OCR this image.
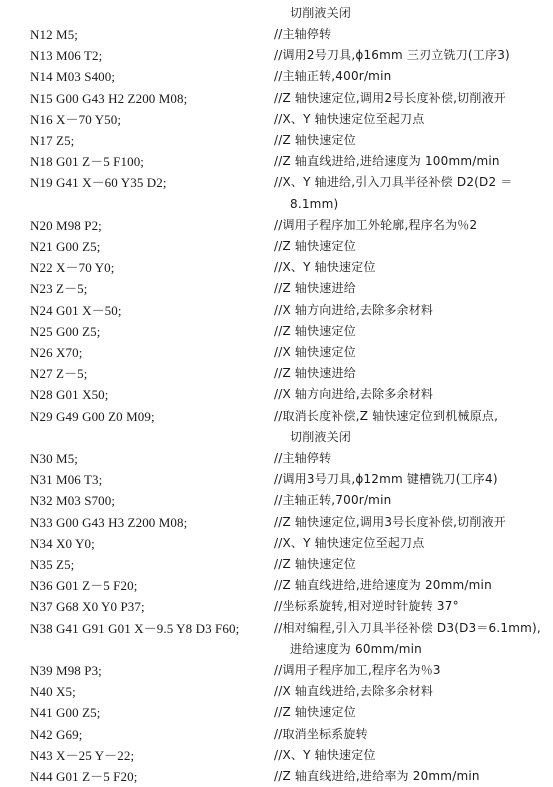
切削液关闭
N12 M5;	//主轴停转
N13 M06 T2;	//调用2号刀具,ϕ16mm 三刃立铣刀(工序3)
N14 M03 S400;	//主轴正转,400r/min
N15 G00 G43 H2 Z200 M08;	//Z 轴快速定位,调用2号长度补偿,切削液开
N16 X－70 Y50;	//X、Y 轴快速定位至起刀点
N17 Z5;	//Z 轴快速定位
N18 G01 Z－5 F100;	//Z 轴直线进给,进给速度为 100mm/min
N19 G41 X－60 Y35 D2;	//X、Y 轴进给,引入刀具半径补偿 D2(D2 ＝
8.1mm)
N20 M98 P2;	//调用子程序加工外轮廓,程序名为％2
N21 G00 Z5;	//Z 轴快速定位
N22 X－70 Y0;	//X、Y 轴快速定位
N23 Z－5;	//Z 轴快速进给
N24 G01 X－50;	//X 轴方向进给,去除多余材料
N25 G00 Z5;	//Z 轴快速定位
N26 X70;	//X 轴快速定位
N27 Z－5;	//Z 轴快速进给
N28 G01 X50;	//X 轴方向进给,去除多余材料
N29 G49 G00 Z0 M09;	//取消长度补偿,Z 轴快速定位到机械原点,
切削液关闭
N30 M5;	//主轴停转
N31 M06 T3;	//调用3号刀具,ϕ12mm 键槽铣刀(工序4)
N32 M03 S700;	//主轴正转,700r/min
N33 G00 G43 H3 Z200 M08;	//Z 轴快速定位,调用3号长度补偿,切削液开
N34 X0 Y0;	//X、Y 轴快速定位至起刀点
N35 Z5;	//Z 轴快速定位
N36 G01 Z－5 F20;	//Z 轴直线进给,进给速度为 20mm/min
N37 G68 X0 Y0 P37;	//坐标系旋转,相对逆时针旋转 37°
N38 G41 G91 G01 X－9.5 Y8 D3 F60;	//相对编程,引入刀具半径补偿 D3(D3＝6.1mm),
进给速度为 60mm/min
N39 M98 P3;	//调用子程序加工,程序名为％3
N40 X5;	//X 轴直线进给,去除多余材料
N41 G00 Z5;	//Z 轴快速定位
N42 G69;	//取消坐标系旋转
N43 X－25 Y－22;	//X、Y 轴快速定位
N44 G01 Z－5 F20;	//Z 轴直线进给,进给率为 20mm/min
